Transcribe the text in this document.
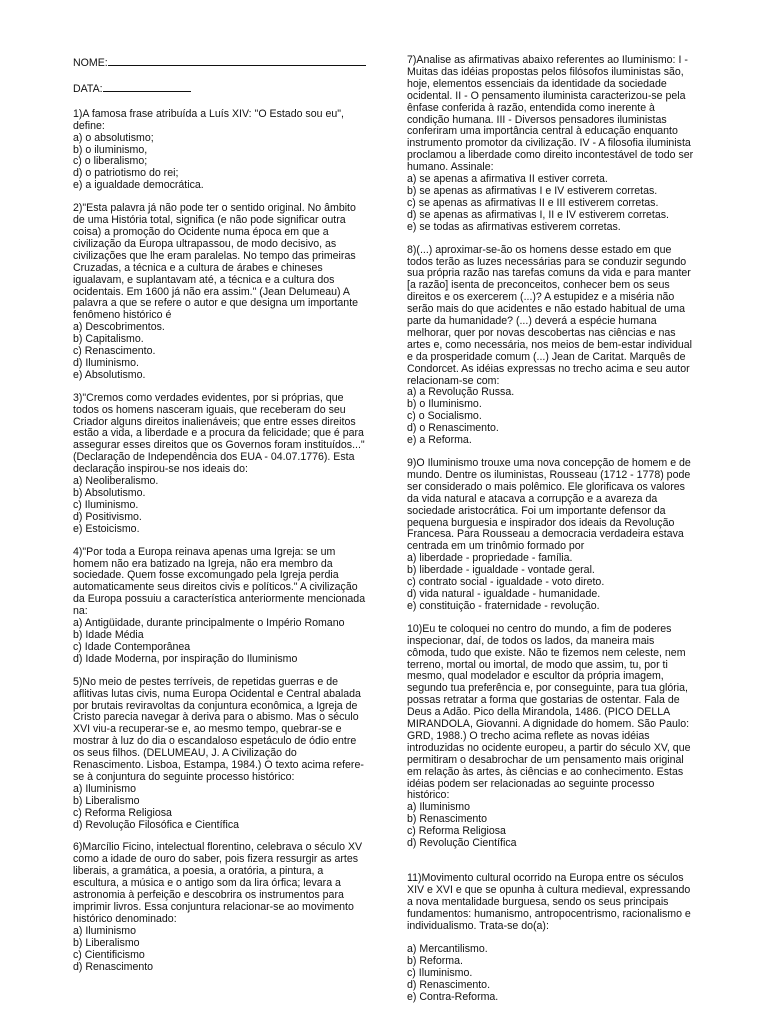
NOME:
DATA:

1)A famosa frase atribuída a Luís XIV: "O Estado sou eu", define:

a) o absolutismo;
b) o iluminismo,
c) o liberalismo;
d) o patriotismo do rei;
e) a igualdade democrática.

2)"Esta palavra já não pode ter o sentido original. No âmbito de uma História total, significa (e não pode significar outra coisa) a promoção do Ocidente numa época em que a civilização da Europa ultrapassou, de modo decisivo, as civilizações que lhe eram paralelas. No tempo das primeiras Cruzadas, a técnica e a cultura de árabes e chineses igualavam, e suplantavam até, a técnica e a cultura dos ocidentais. Em 1600 já não era assim." (Jean Delumeau) A palavra a que se refere o autor e que designa um importante fenômeno histórico é

a) Descobrimentos.
b) Capitalismo.
c) Renascimento.
d) Iluminismo.
e) Absolutismo.

3)"Cremos como verdades evidentes, por si próprias, que todos os homens nasceram iguais, que receberam do seu Criador alguns direitos inalienáveis; que entre esses direitos estão a vida, a liberdade e a procura da felicidade; que é para assegurar esses direitos que os Governos foram instituídos..." (Declaração de Independência dos EUA - 04.07.1776). Esta declaração inspirou-se nos ideais do:

a) Neoliberalismo.
b) Absolutismo.
c) Iluminismo.
d) Positivismo.
e) Estoicismo.

4)"Por toda a Europa reinava apenas uma Igreja: se um homem não era batizado na Igreja, não era membro da sociedade. Quem fosse excomungado pela Igreja perdia automaticamente seus direitos civis e políticos." A civilização da Europa possuiu a característica anteriormente mencionada na:

a) Antigüidade, durante principalmente o Império Romano
b) Idade Média
c) Idade Contemporânea
d) Idade Moderna, por inspiração do Iluminismo

5)No meio de pestes terríveis, de repetidas guerras e de aflitivas lutas civis, numa Europa Ocidental e Central abalada por brutais reviravoltas da conjuntura econômica, a Igreja de Cristo parecia navegar à deriva para o abismo. Mas o século XVI viu-a recuperar-se e, ao mesmo tempo, quebrar-se e mostrar à luz do dia o escandaloso espetáculo de ódio entre os seus filhos. (DELUMEAU, J. A Civilização do Renascimento. Lisboa, Estampa, 1984.) O texto acima refere-se à conjuntura do seguinte processo histórico:

a) Iluminismo
b) Liberalismo
c) Reforma Religiosa
d) Revolução Filosófica e Científica

6)Marcílio Ficino, intelectual florentino, celebrava o século XV como a idade de ouro do saber, pois fizera ressurgir as artes liberais, a gramática, a poesia, a oratória, a pintura, a escultura, a música e o antigo som da lira órfica; levara a astronomia à perfeição e descobrira os instrumentos para imprimir livros. Essa conjuntura relacionar-se ao movimento histórico denominado:

a) Iluminismo
b) Liberalismo
c) Cientificismo
d) Renascimento

7)Analise as afirmativas abaixo referentes ao Iluminismo: I - Muitas das idéias propostas pelos filósofos iluministas são, hoje, elementos essenciais da identidade da sociedade ocidental. II - O pensamento iluminista caracterizou-se pela ênfase conferida à razão, entendida como inerente à condição humana. III - Diversos pensadores iluministas conferiram uma importância central à educação enquanto instrumento promotor da civilização. IV - A filosofia iluminista proclamou a liberdade como direito incontestável de todo ser humano. Assinale:

a) se apenas a afirmativa II estiver correta.
b) se apenas as afirmativas I e IV estiverem corretas.
c) se apenas as afirmativas II e III estiverem corretas.
d) se apenas as afirmativas I, II e IV estiverem corretas.
e) se todas as afirmativas estiverem corretas.

8)(...) aproximar-se-ão os homens desse estado em que todos terão as luzes necessárias para se conduzir segundo sua própria razão nas tarefas comuns da vida e para manter [a razão] isenta de preconceitos, conhecer bem os seus direitos e os exercerem (...)? A estupidez e a miséria não serão mais do que acidentes e não estado habitual de uma parte da humanidade? (...) deverá a espécie humana melhorar, quer por novas descobertas nas ciências e nas artes e, como necessária, nos meios de bem-estar individual e da prosperidade comum (...) Jean de Caritat. Marquês de Condorcet. As idéias expressas no trecho acima e seu autor relacionam-se com:

a) a Revolução Russa.
b) o Iluminismo.
c) o Socialismo.
d) o Renascimento.
e) a Reforma.

9)O Iluminismo trouxe uma nova concepção de homem e de mundo. Dentre os iluministas, Rousseau (1712 - 1778) pode ser considerado o mais polêmico. Ele glorificava os valores da vida natural e atacava a corrupção e a avareza da sociedade aristocrática. Foi um importante defensor da pequena burguesia e inspirador dos ideais da Revolução Francesa. Para Rousseau a democracia verdadeira estava centrada em um trinômio formado por

a) liberdade - propriedade - família.
b) liberdade - igualdade - vontade geral.
c) contrato social - igualdade - voto direto.
d) vida natural - igualdade - humanidade.
e) constituição - fraternidade - revolução.

10)Eu te coloquei no centro do mundo, a fim de poderes inspecionar, daí, de todos os lados, da maneira mais cômoda, tudo que existe. Não te fizemos nem celeste, nem terreno, mortal ou imortal, de modo que assim, tu, por ti mesmo, qual modelador e escultor da própria imagem, segundo tua preferência e, por conseguinte, para tua glória, possas retratar a forma que gostarias de ostentar. Fala de Deus a Adão. Pico della Mirandola, 1486. (PICO DELLA MIRANDOLA, Giovanni. A dignidade do homem. São Paulo: GRD, 1988.) O trecho acima reflete as novas idéias introduzidas no ocidente europeu, a partir do século XV, que permitiram o desabrochar de um pensamento mais original em relação às artes, às ciências e ao conhecimento. Estas idéias podem ser relacionadas ao seguinte processo histórico:

a) Iluminismo
b) Renascimento
c) Reforma Religiosa
d) Revolução Científica

11)Movimento cultural ocorrido na Europa entre os séculos XIV e XVI e que se opunha à cultura medieval, expressando a nova mentalidade burguesa, sendo os seus principais fundamentos: humanismo, antropocentrismo, racionalismo e individualismo. Trata-se do(a):

a) Mercantilismo.
b) Reforma.
c) Iluminismo.
d) Renascimento.
e) Contra-Reforma.
